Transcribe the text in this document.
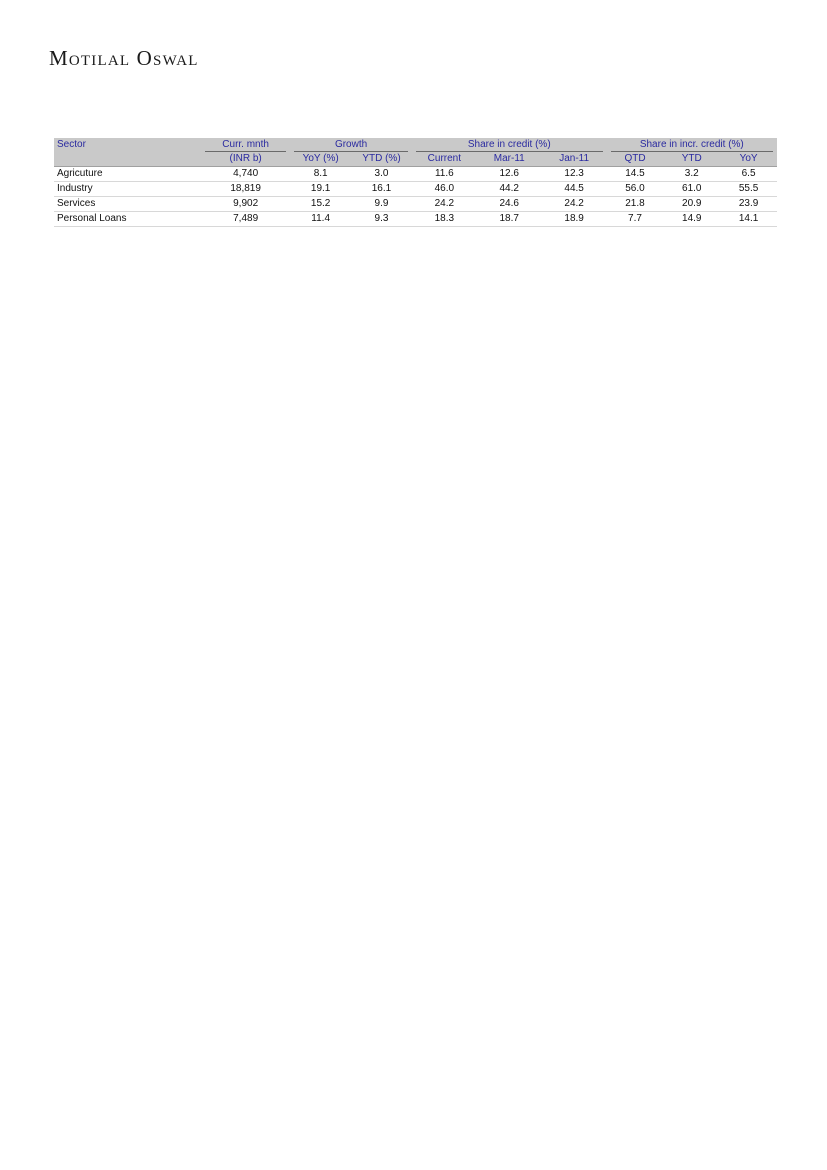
Motilal Oswal
Sector	Curr. mnth	Growth		Share in credit (%)			Share in incr. credit (%)		
	(INR b)	YoY (%)	YTD (%)	Current	Mar-11	Jan-11	QTD	YTD	YoY
Agricuture	4,740	8.1	3.0	11.6	12.6	12.3	14.5	3.2	6.5
Industry	18,819	19.1	16.1	46.0	44.2	44.5	56.0	61.0	55.5
Services	9,902	15.2	9.9	24.2	24.6	24.2	21.8	20.9	23.9
Personal Loans	7,489	11.4	9.3	18.3	18.7	18.9	7.7	14.9	14.1
